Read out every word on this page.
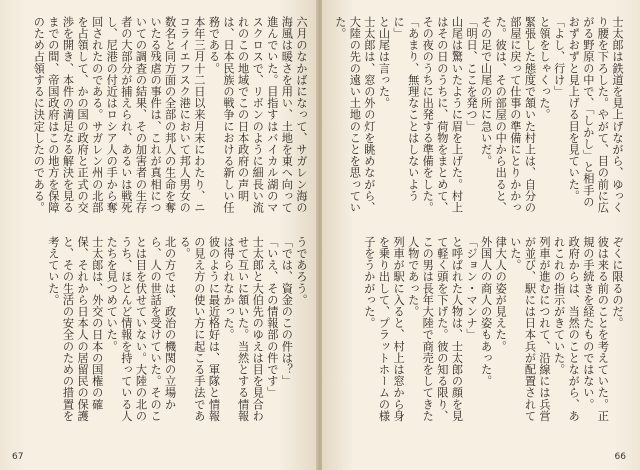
六月のなかばになって、サガレン海の海風は暖さを用い、土地を東へ向って進んでいた。目指すはバイカル湖のマスクロスで、リボンのように細長い流れのこの地域でこの日本政府の声明は、日本民族の戦争における新しい任務である。
本年三月十二日以来月末にわたり、ニコライエフスク港において邦人男女の数名と同方面の全部の邦人の生命を奪いたる残虐の事件は、これが真相についての調査の結果、その加害者の生存者の大部分が捕えられ、あるいは戦死し、尼港の付近はロシア人の手から奪回されたのである。サガレン州の北部を占領して、かの国の政府と正式の交渉を開き、本件の満足なる解決を見るまでの間、帝国政府はこの地方を保障のため占領するに決定したのである。
うであろう。
「では、資金のこの件は？」
「いえ、その情報部の件です」
士太郎と大伯先のゆえは目を見合わせて互いに頷いた。当然とする情報は得られなかった。
彼のように最近格好は、軍隊と情報の見え方の使い方に起こる手法である。
北の方では、政治の機関の立場から、人の世話を受けていた。そのことは目を伏せていない。大陸の北のうち、ほとんど情報を持っている人たちを見つめていた。
士太郎は、外交の日本の国権の確保、それから日本人の居留民の保護と、その生活の安全のための措置を考えていた。
67
士太郎は鉄道を見上げながら、ゆっくり腰を下ろした。やがて、目の前に広がる野原の中で、「しかし」と相手のおずおずと見上げる目を見ていた。
「よし、行け」
と領をしゃくった。
緊張した態度で頷いた村上は、自分の部屋に戻って仕事の準備にとりかかった。彼は、その部屋の中から出ると、その足で山尾の所に急いだ。
「明日、ここを発つ」
山尾は驚いたように眉を上げた。村上はその日のうちに、荷物をまとめて、その夜のうちに出発する準備をした。
「あまり、無理なことはしないように」
と山尾は言った。
士太郎は、窓の外の灯を眺めながら、大陸の先の遠い土地のことを思っていた。
ぞくに限るのだ。
彼は来る前のことを考えていた。正規の手続きを経たものではない。
政府からは、当然のことながら、あれこれの指示がきていた。
列車が進むにつれて、沿線には兵営が並び、駅には日本兵が配置されていた。
律大人の姿が見えた。
外国人の商人の姿もあった。
「ジョン・マンナ」
と呼ばれた人物は、士太郎の顔を見て軽く頭を下げた。彼の知る限り、この男は長年大陸で商売をしてきた人物であった。
列車が駅に入ると、村上は窓から身を乗り出して、プラットホームの様子をうかがった。
66
